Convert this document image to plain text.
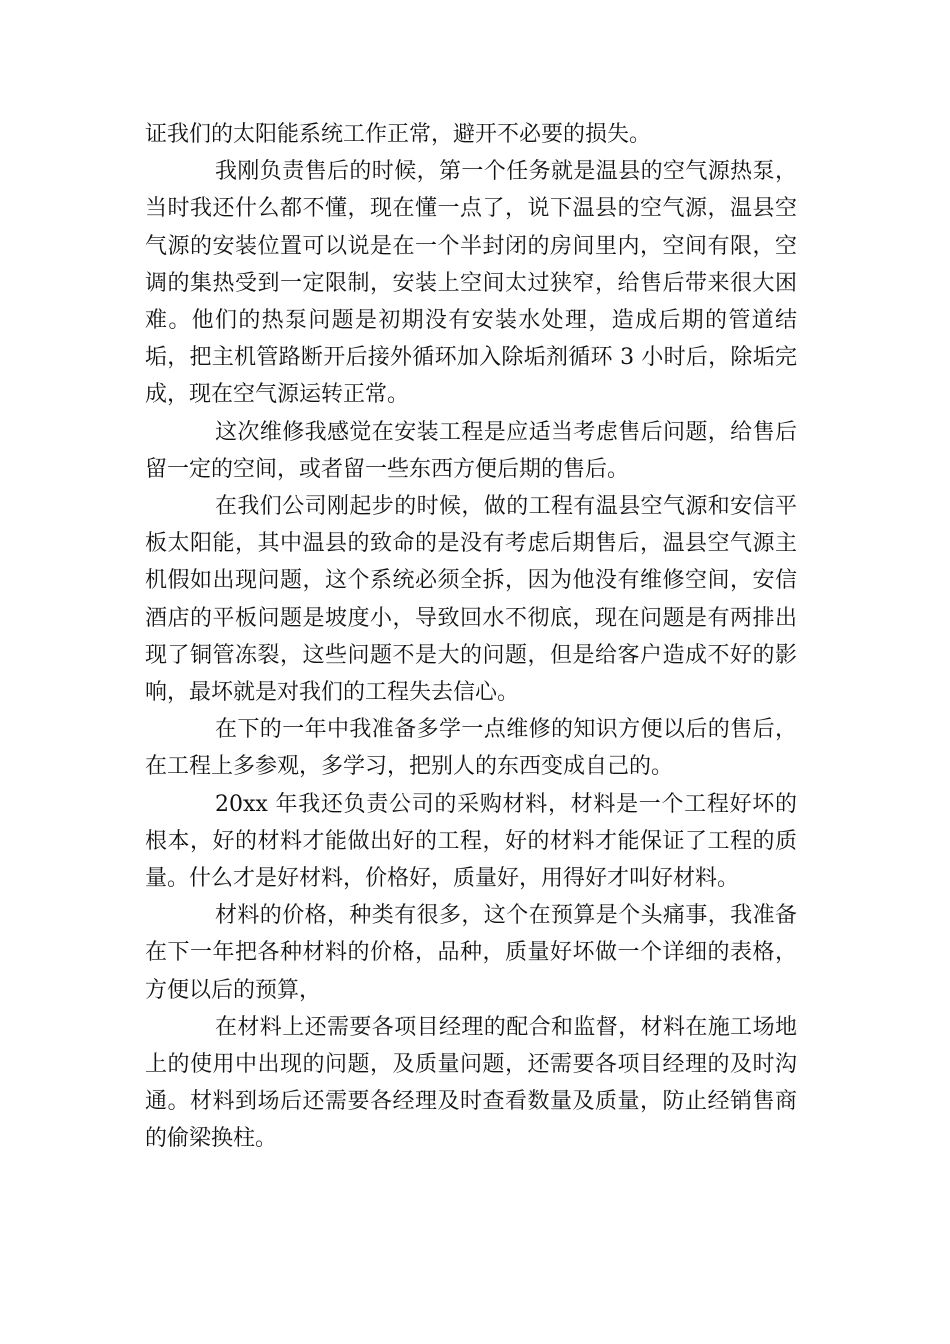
证我们的太阳能系统工作正常，避开不必要的损失。

我刚负责售后的时候，第一个任务就是温县的空气源热泵，当时我还什么都不懂，现在懂一点了，说下温县的空气源，温县空气源的安装位置可以说是在一个半封闭的房间里内，空间有限，空调的集热受到一定限制，安装上空间太过狭窄，给售后带来很大困难。他们的热泵问题是初期没有安装水处理，造成后期的管道结垢，把主机管路断开后接外循环加入除垢剂循环 3 小时后，除垢完成，现在空气源运转正常。

这次维修我感觉在安装工程是应适当考虑售后问题，给售后留一定的空间，或者留一些东西方便后期的售后。

在我们公司刚起步的时候，做的工程有温县空气源和安信平板太阳能，其中温县的致命的是没有考虑后期售后，温县空气源主机假如出现问题，这个系统必须全拆，因为他没有维修空间，安信酒店的平板问题是坡度小，导致回水不彻底，现在问题是有两排出现了铜管冻裂，这些问题不是大的问题，但是给客户造成不好的影响，最坏就是对我们的工程失去信心。

在下的一年中我准备多学一点维修的知识方便以后的售后，在工程上多参观，多学习，把别人的东西变成自己的。

20xx 年我还负责公司的采购材料，材料是一个工程好坏的根本，好的材料才能做出好的工程，好的材料才能保证了工程的质量。什么才是好材料，价格好，质量好，用得好才叫好材料。

材料的价格，种类有很多，这个在预算是个头痛事，我准备在下一年把各种材料的价格，品种，质量好坏做一个详细的表格，方便以后的预算，

在材料上还需要各项目经理的配合和监督，材料在施工场地上的使用中出现的问题，及质量问题，还需要各项目经理的及时沟通。材料到场后还需要各经理及时查看数量及质量，防止经销售商的偷梁换柱。
